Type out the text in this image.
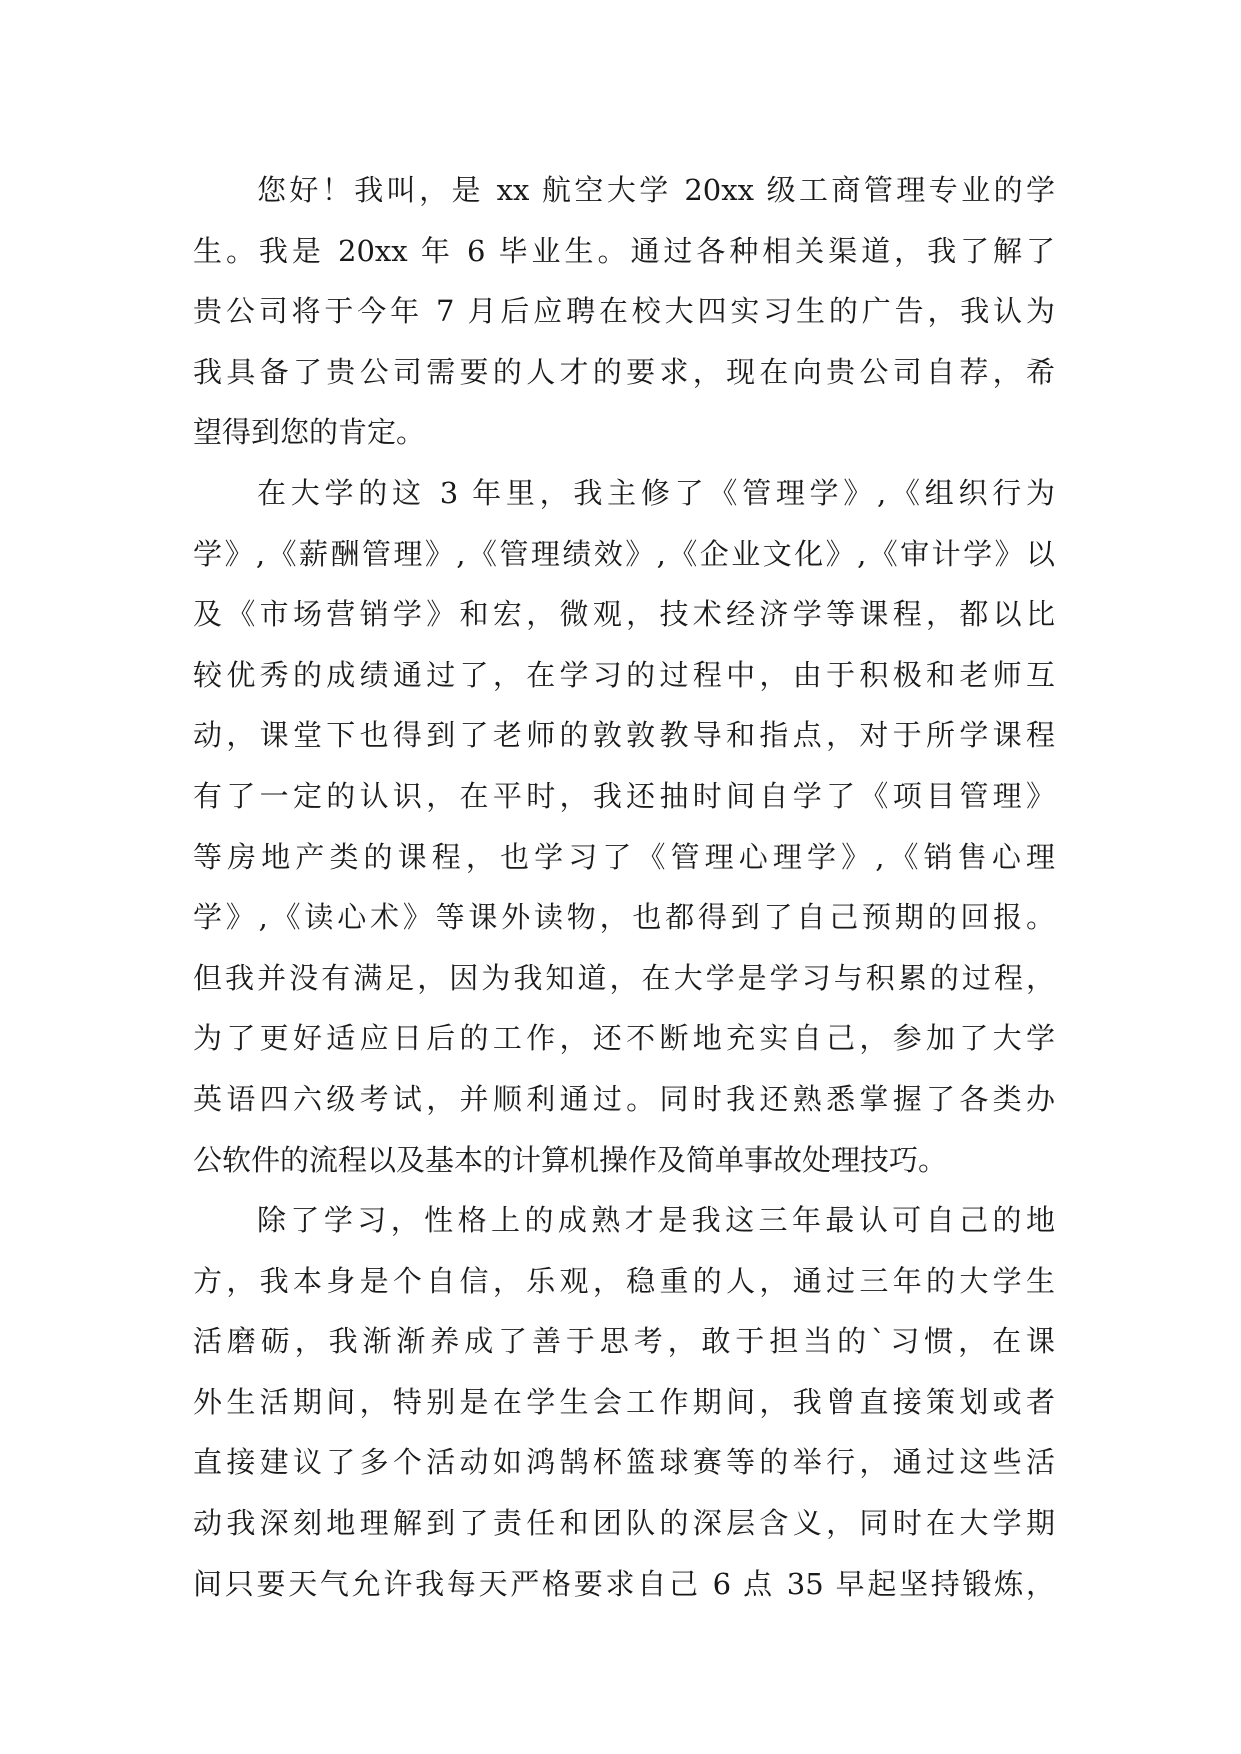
您好！我叫，是 xx 航空大学 20xx 级工商管理专业的学
生。我是 20xx 年 6 毕业生。通过各种相关渠道，我了解了
贵公司将于今年 7 月后应聘在校大四实习生的广告，我认为
我具备了贵公司需要的人才的要求，现在向贵公司自荐，希
望得到您的肯定。
在大学的这 3 年里，我主修了《管理学》,《组织行为
学》,《薪酬管理》,《管理绩效》,《企业文化》,《审计学》以
及《市场营销学》和宏，微观，技术经济学等课程，都以比
较优秀的成绩通过了，在学习的过程中，由于积极和老师互
动，课堂下也得到了老师的敦敦教导和指点，对于所学课程
有了一定的认识，在平时，我还抽时间自学了《项目管理》
等房地产类的课程，也学习了《管理心理学》,《销售心理
学》,《读心术》等课外读物，也都得到了自己预期的回报。
但我并没有满足，因为我知道，在大学是学习与积累的过程，
为了更好适应日后的工作，还不断地充实自己，参加了大学
英语四六级考试，并顺利通过。同时我还熟悉掌握了各类办
公软件的流程以及基本的计算机操作及简单事故处理技巧。
除了学习，性格上的成熟才是我这三年最认可自己的地
方，我本身是个自信，乐观，稳重的人，通过三年的大学生
活磨砺，我渐渐养成了善于思考，敢于担当的`习惯，在课
外生活期间，特别是在学生会工作期间，我曾直接策划或者
直接建议了多个活动如鸿鹄杯篮球赛等的举行，通过这些活
动我深刻地理解到了责任和团队的深层含义，同时在大学期
间只要天气允许我每天严格要求自己 6 点 35 早起坚持锻炼，
